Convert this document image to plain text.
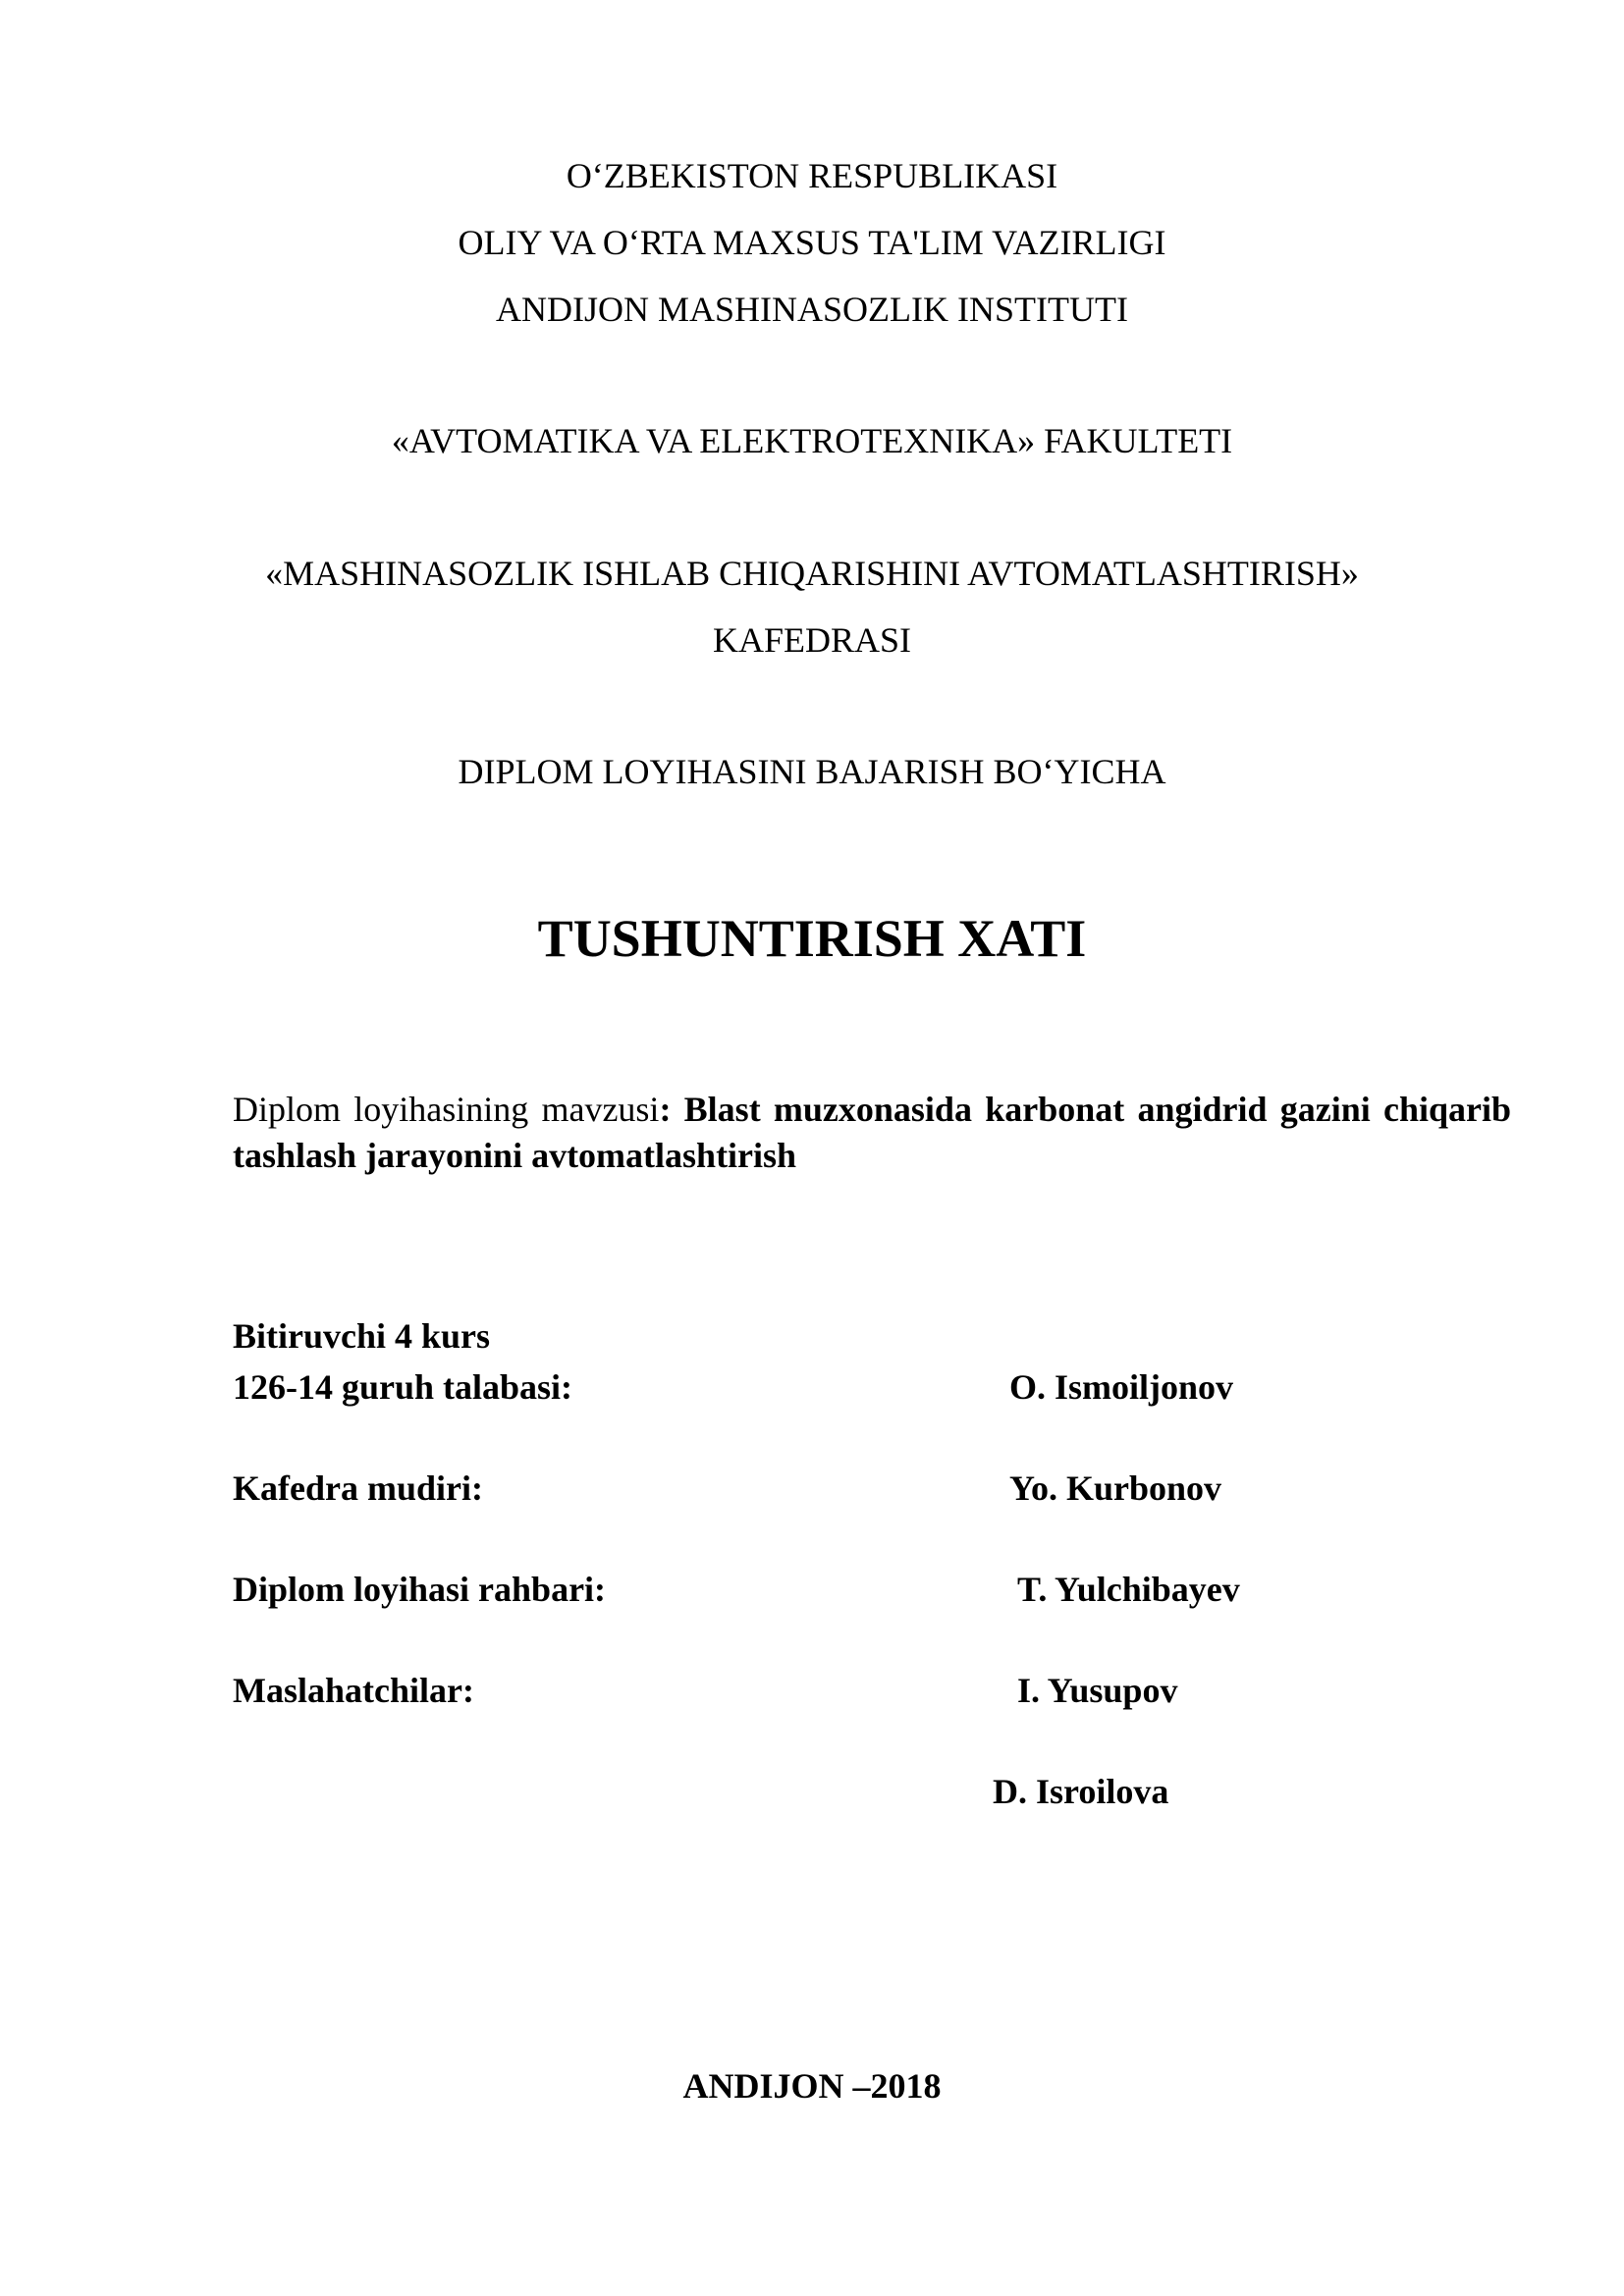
O‘ZBEKISTON RESPUBLIKASI
OLIY VA O‘RTA MAXSUS TA'LIM VAZIRLIGI
ANDIJON MASHINASOZLIK INSTITUTI
«AVTOMATIKA VA ELEKTROTEXNIKA» FAKULTETI
«MASHINASOZLIK ISHLAB CHIQARISHINI AVTOMATLASHTIRISH»
KAFEDRASI
DIPLOM LOYIHASINI BAJARISH BO‘YICHA
TUSHUNTIRISH XATI
Diplom loyihasining mavzusi: Blast muzxonasida karbonat angidrid gazini chiqarib tashlash jarayonini avtomatlashtirish
Bitiruvchi 4 kurs
126-14 guruh talabasi:	O. Ismoiljonov
Kafedra mudiri:	Yo. Kurbonov
Diplom loyihasi rahbari:	T. Yulchibayev
Maslahatchilar:	I. Yusupov
D. Isroilova
ANDIJON –2018
